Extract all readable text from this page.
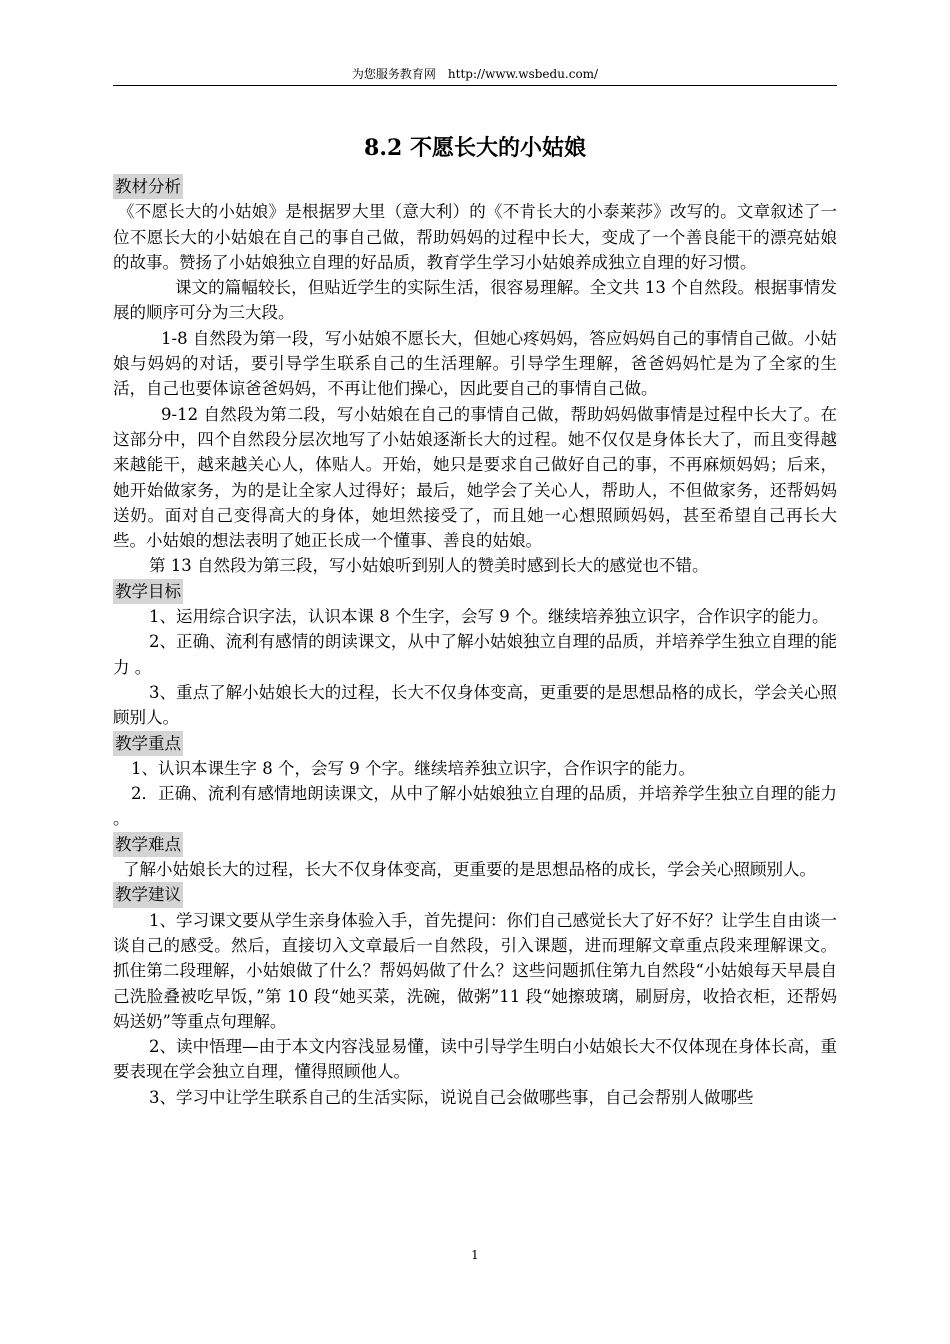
为您服务教育网 http://www.wsbedu.com/
8.2 不愿长大的小姑娘

教材分析

《不愿长大的小姑娘》是根据罗大里（意大利）的《不肯长大的小泰莱莎》改写的。文章叙述了一位不愿长大的小姑娘在自己的事自己做，帮助妈妈的过程中长大，变成了一个善良能干的漂亮姑娘的故事。赞扬了小姑娘独立自理的好品质，教育学生学习小姑娘养成独立自理的好习惯。

课文的篇幅较长，但贴近学生的实际生活，很容易理解。全文共 13 个自然段。根据事情发展的顺序可分为三大段。

1-8 自然段为第一段，写小姑娘不愿长大，但她心疼妈妈，答应妈妈自己的事情自己做。小姑娘与妈妈的对话，要引导学生联系自己的生活理解。引导学生理解，爸爸妈妈忙是为了全家的生活，自己也要体谅爸爸妈妈，不再让他们操心，因此要自己的事情自己做。

9-12 自然段为第二段，写小姑娘在自己的事情自己做，帮助妈妈做事情是过程中长大了。在这部分中，四个自然段分层次地写了小姑娘逐渐长大的过程。她不仅仅是身体长大了，而且变得越来越能干，越来越关心人，体贴人。开始，她只是要求自己做好自己的事，不再麻烦妈妈；后来，她开始做家务，为的是让全家人过得好；最后，她学会了关心人，帮助人，不但做家务，还帮妈妈送奶。面对自己变得高大的身体，她坦然接受了，而且她一心想照顾妈妈，甚至希望自己再长大些。小姑娘的想法表明了她正长成一个懂事、善良的姑娘。

第 13 自然段为第三段，写小姑娘听到别人的赞美时感到长大的感觉也不错。

教学目标

1、运用综合识字法，认识本课 8 个生字，会写 9 个。继续培养独立识字，合作识字的能力。

2、正确、流利有感情的朗读课文，从中了解小姑娘独立自理的品质，并培养学生独立自理的能力 。

3、重点了解小姑娘长大的过程，长大不仅身体变高，更重要的是思想品格的成长，学会关心照顾别人。

教学重点

1、认识本课生字 8 个，会写 9 个字。继续培养独立识字，合作识字的能力。

2．正确、流利有感情地朗读课文，从中了解小姑娘独立自理的品质，并培养学生独立自理的能力 。

教学难点

了解小姑娘长大的过程，长大不仅身体变高，更重要的是思想品格的成长，学会关心照顾别人。

教学建议

1、学习课文要从学生亲身体验入手，首先提问：你们自己感觉长大了好不好？让学生自由谈一谈自己的感受。然后，直接切入文章最后一自然段，引入课题，进而理解文章重点段来理解课文。抓住第二段理解，小姑娘做了什么？帮妈妈做了什么？这些问题抓住第九自然段“小姑娘每天早晨自己洗脸叠被吃早饭，”第 10 段“她买菜，洗碗，做粥”11 段“她擦玻璃，刷厨房，收拾衣柜，还帮妈妈送奶”等重点句理解。

2、读中悟理—由于本文内容浅显易懂，读中引导学生明白小姑娘长大不仅体现在身体长高，重要表现在学会独立自理，懂得照顾他人。

3、学习中让学生联系自己的生活实际，说说自己会做哪些事，自己会帮别人做哪些

1
